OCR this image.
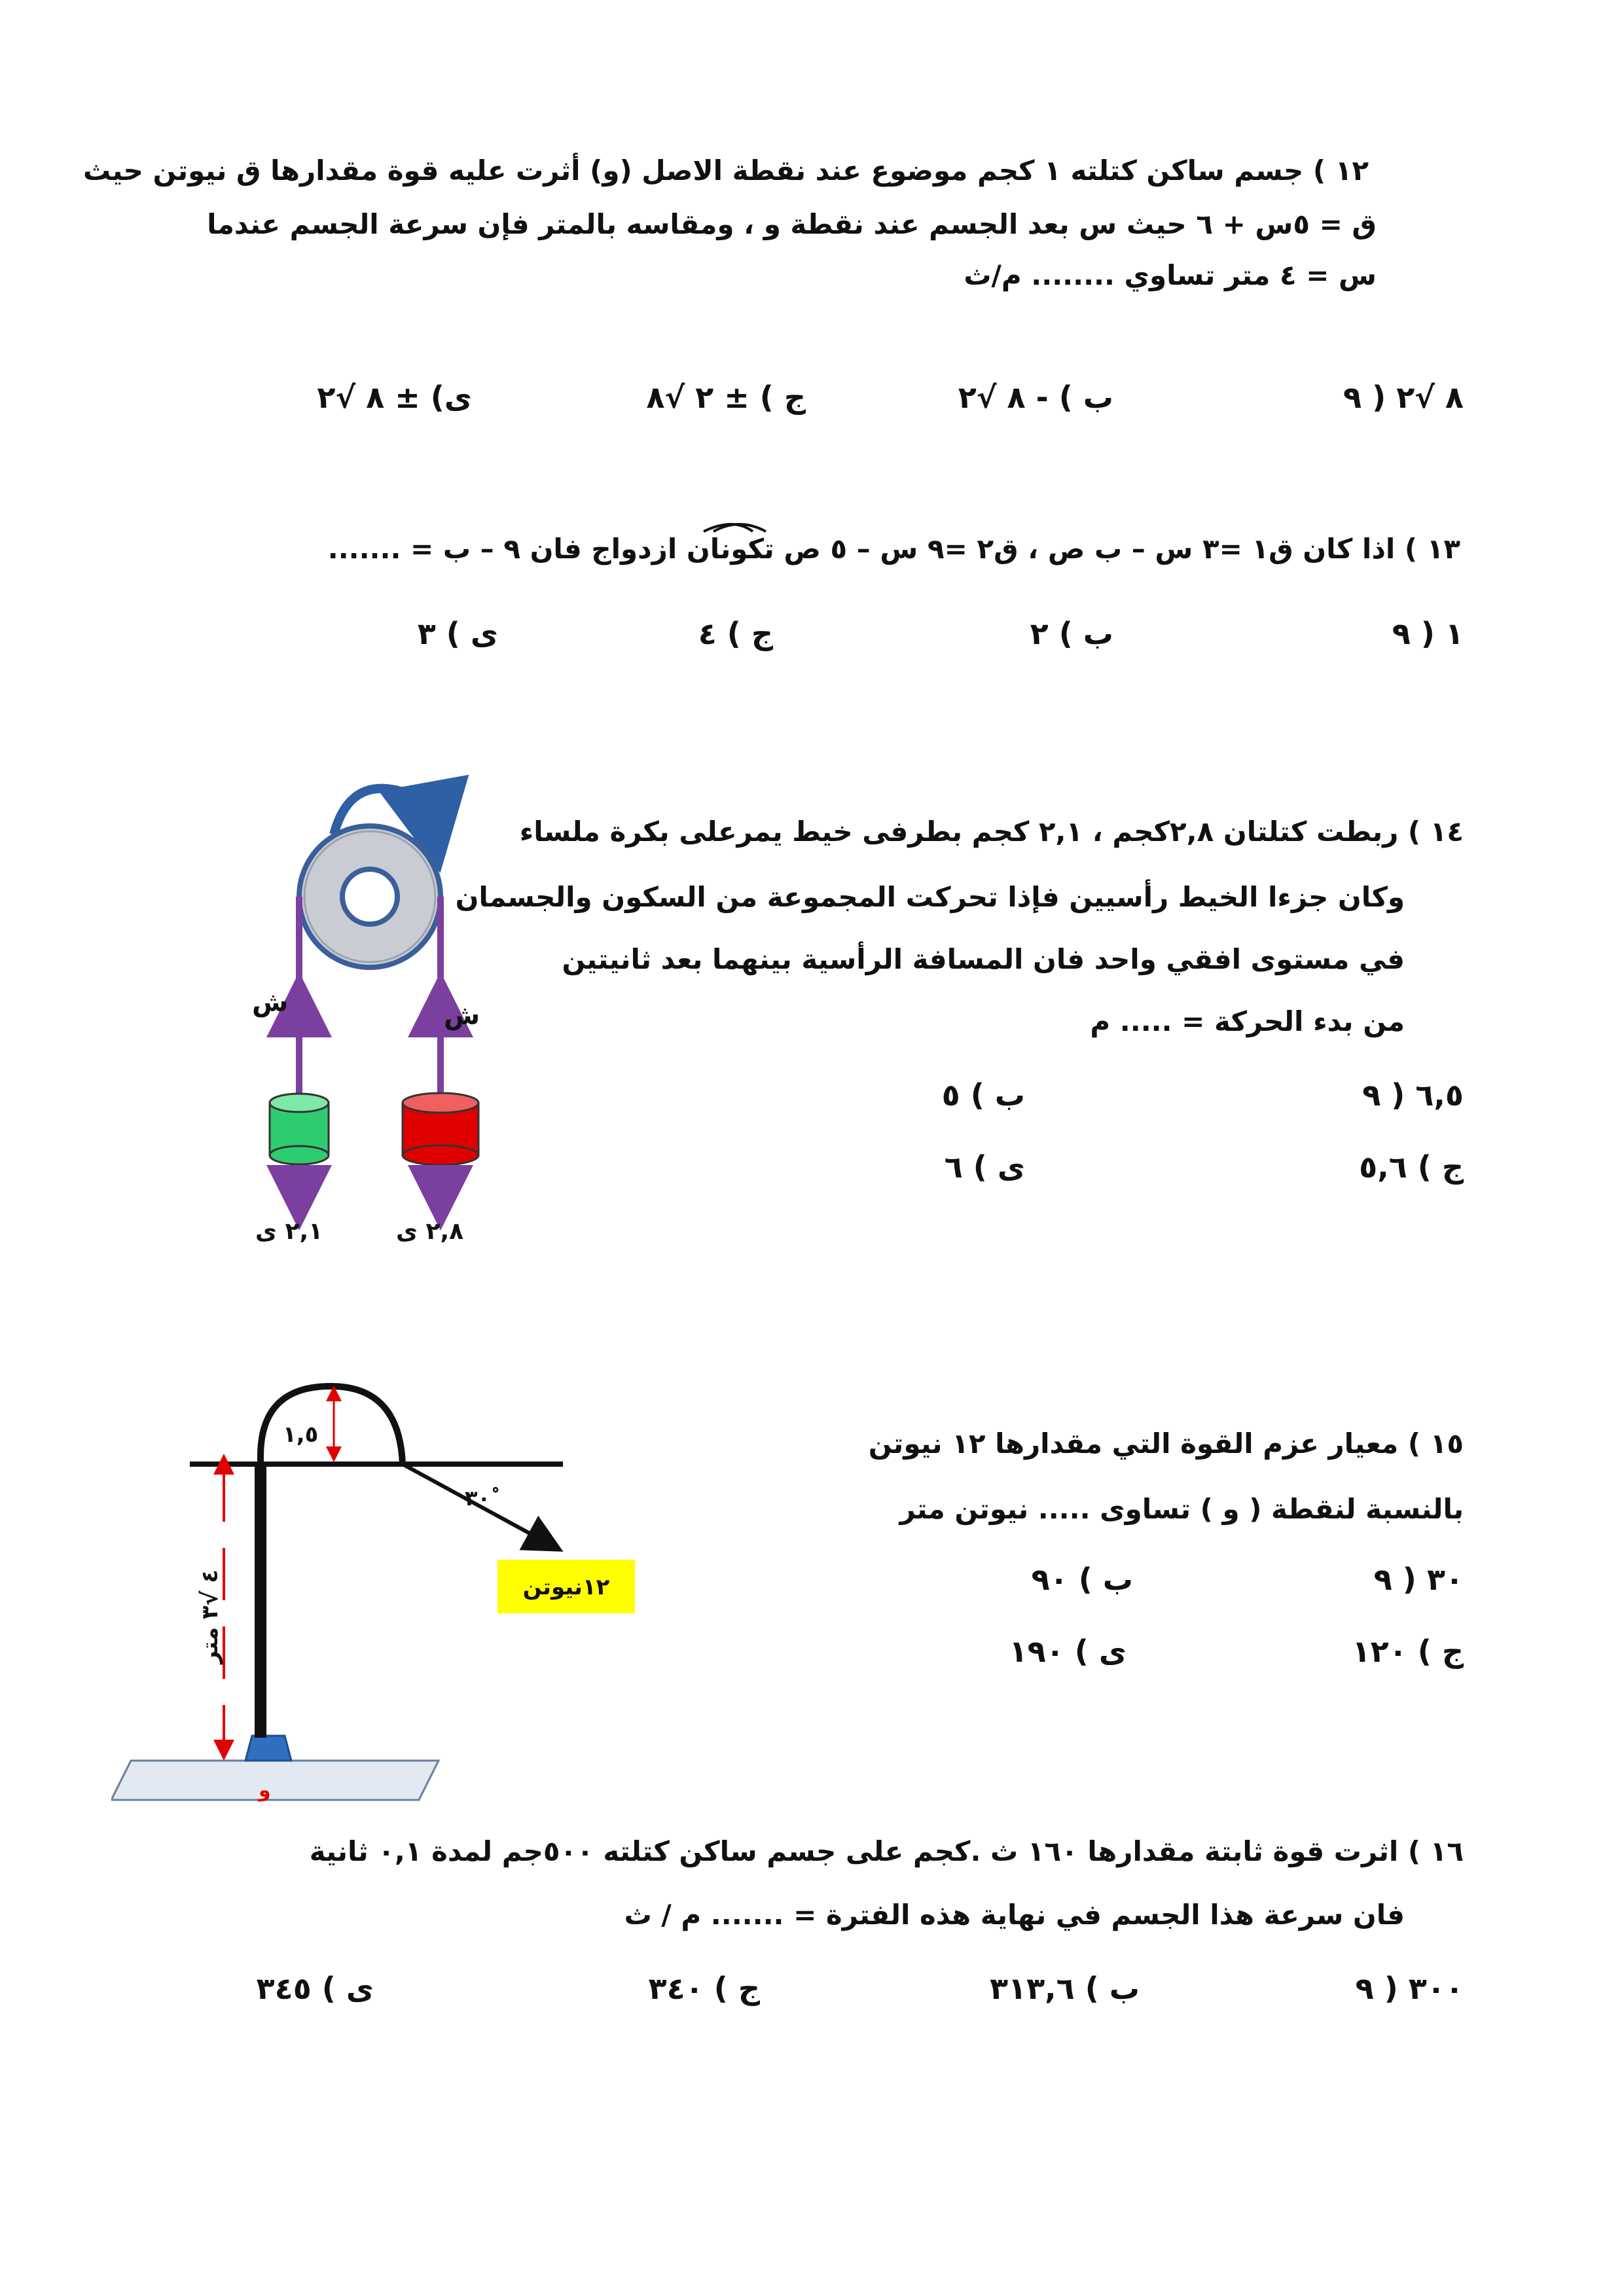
١٢ ) جسم ساكن كتلته ١ كجم موضوع عند نقطة الاصل (و) أثرت عليه قوة مقدارها ق نيوتن حيث
ق = ٥س + ٦ حيث س بعد الجسم عند نقطة و ، ومقاسه بالمتر فإن سرعة الجسم عندما
س = ٤ متر تساوي ........ م/ث
٨ √٢ ( ٩
ب ) - ٨ √٢
ج ) ± ٢ √٨
ى) ± ٨ √٢
١٣ ) اذا كان ق١ =٣ س – ب ص ، ق٢ =٩ س – ٥ ص تكونان ازدواج فان ٩ – ب = .......
١ ( ٩
ب ) ٢
ج ) ٤
ى ) ٣
١٤ ) ربطت كتلتان ٢,٨كجم ، ٢,١ كجم بطرفى خيط يمرعلى بكرة ملساء
وكان جزءا الخيط رأسيين فإذا تحركت المجموعة من السكون والجسمان
في مستوى افقي واحد فان المسافة الرأسية بينهما بعد ثانيتين
من بدء الحركة = ..... م
٦,٥ ( ٩
ب ) ٥
ج ) ٥,٦
ى ) ٦
ش	ش
٢,١ ى	٢,٨ ى
١٥ ) معيار عزم القوة التي مقدارها ١٢ نيوتن
بالنسبة لنقطة ( و ) تساوى ..... نيوتن متر
٣٠ ( ٩
ب ) ٩٠
ج ) ١٢٠
ى ) ١٩٠
١,٥
٤ √٣ متر
و
٣٠ْ
١٢نيوتن
١٦ ) اثرت قوة ثابتة مقدارها ١٦٠ ث .كجم على جسم ساكن كتلته ٥٠٠جم لمدة ٠,١ ثانية
فان سرعة هذا الجسم في نهاية هذه الفترة = ....... م / ث
٣٠٠ ( ٩
ب ) ٣١٣,٦
ج ) ٣٤٠
ى ) ٣٤٥
